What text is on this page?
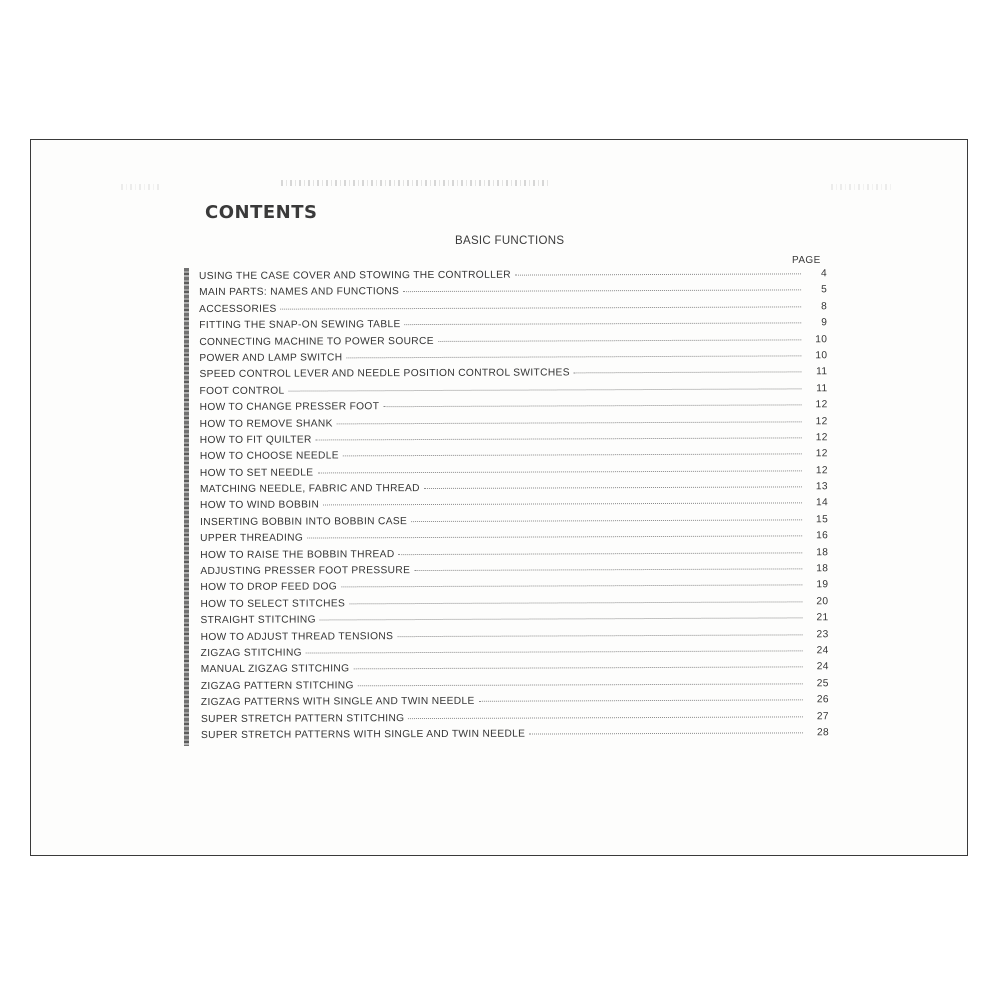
CONTENTS
BASIC FUNCTIONS
PAGE
USING THE CASE COVER AND STOWING THE CONTROLLER	4
MAIN PARTS: NAMES AND FUNCTIONS	5
ACCESSORIES	8
FITTING THE SNAP-ON SEWING TABLE	9
CONNECTING MACHINE TO POWER SOURCE	10
POWER AND LAMP SWITCH	10
SPEED CONTROL LEVER AND NEEDLE POSITION CONTROL SWITCHES	11
FOOT CONTROL	11
HOW TO CHANGE PRESSER FOOT	12
HOW TO REMOVE SHANK	12
HOW TO FIT QUILTER	12
HOW TO CHOOSE NEEDLE	12
HOW TO SET NEEDLE	12
MATCHING NEEDLE, FABRIC AND THREAD	13
HOW TO WIND BOBBIN	14
INSERTING BOBBIN INTO BOBBIN CASE	15
UPPER THREADING	16
HOW TO RAISE THE BOBBIN THREAD	18
ADJUSTING PRESSER FOOT PRESSURE	18
HOW TO DROP FEED DOG	19
HOW TO SELECT STITCHES	20
STRAIGHT STITCHING	21
HOW TO ADJUST THREAD TENSIONS	23
ZIGZAG STITCHING	24
MANUAL ZIGZAG STITCHING	24
ZIGZAG PATTERN STITCHING	25
ZIGZAG PATTERNS WITH SINGLE AND TWIN NEEDLE	26
SUPER STRETCH PATTERN STITCHING	27
SUPER STRETCH PATTERNS WITH SINGLE AND TWIN NEEDLE	28
